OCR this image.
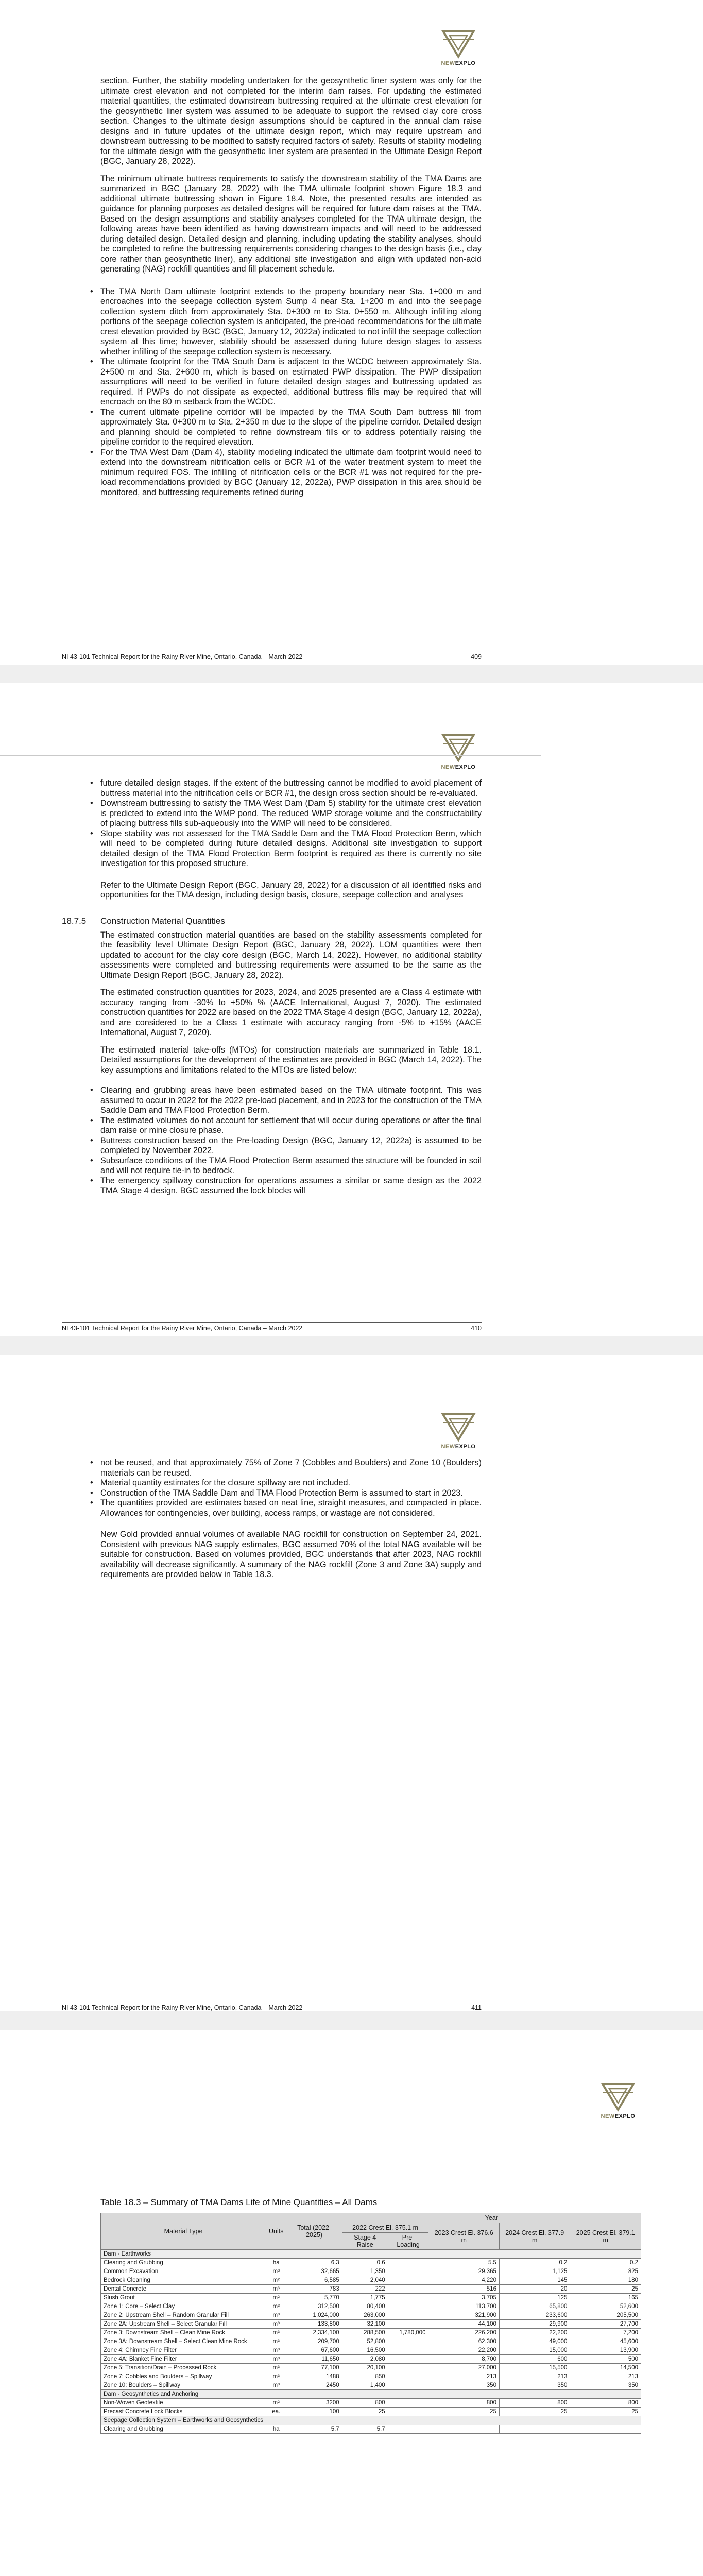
NEWEXPLO

section. Further, the stability modeling undertaken for the geosynthetic liner system was only for the ultimate crest elevation and not completed for the interim dam raises. For updating the estimated material quantities, the estimated downstream buttressing required at the ultimate crest elevation for the geosynthetic liner system was assumed to be adequate to support the revised clay core cross section. Changes to the ultimate design assumptions should be captured in the annual dam raise designs and in future updates of the ultimate design report, which may require upstream and downstream buttressing to be modified to satisfy required factors of safety. Results of stability modeling for the ultimate design with the geosynthetic liner system are presented in the Ultimate Design Report (BGC, January 28, 2022).

The minimum ultimate buttress requirements to satisfy the downstream stability of the TMA Dams are summarized in BGC (January 28, 2022) with the TMA ultimate footprint shown Figure 18.3 and additional ultimate buttressing shown in Figure 18.4. Note, the presented results are intended as guidance for planning purposes as detailed designs will be required for future dam raises at the TMA. Based on the design assumptions and stability analyses completed for the TMA ultimate design, the following areas have been identified as having downstream impacts and will need to be addressed during detailed design. Detailed design and planning, including updating the stability analyses, should be completed to refine the buttressing requirements considering changes to the design basis (i.e., clay core rather than geosynthetic liner), any additional site investigation and align with updated non-acid generating (NAG) rockfill quantities and fill placement schedule.

• The TMA North Dam ultimate footprint extends to the property boundary near Sta. 1+000 m and encroaches into the seepage collection system Sump 4 near Sta. 1+200 m and into the seepage collection system ditch from approximately Sta. 0+300 m to Sta. 0+550 m. Although infilling along portions of the seepage collection system is anticipated, the pre-load recommendations for the ultimate crest elevation provided by BGC (BGC, January 12, 2022a) indicated to not infill the seepage collection system at this time; however, stability should be assessed during future design stages to assess whether infilling of the seepage collection system is necessary.
• The ultimate footprint for the TMA South Dam is adjacent to the WCDC between approximately Sta. 2+500 m and Sta. 2+600 m, which is based on estimated PWP dissipation. The PWP dissipation assumptions will need to be verified in future detailed design stages and buttressing updated as required. If PWPs do not dissipate as expected, additional buttress fills may be required that will encroach on the 80 m setback from the WCDC.
• The current ultimate pipeline corridor will be impacted by the TMA South Dam buttress fill from approximately Sta. 0+300 m to Sta. 2+350 m due to the slope of the pipeline corridor. Detailed design and planning should be completed to refine downstream fills or to address potentially raising the pipeline corridor to the required elevation.
• For the TMA West Dam (Dam 4), stability modeling indicated the ultimate dam footprint would need to extend into the downstream nitrification cells or BCR #1 of the water treatment system to meet the minimum required FOS. The infilling of nitrification cells or the BCR #1 was not required for the pre-load recommendations provided by BGC (January 12, 2022a), PWP dissipation in this area should be monitored, and buttressing requirements refined during
NI 43-101 Technical Report for the Rainy River Mine, Ontario, Canada – March 2022	409
NEWEXPLO
• future detailed design stages. If the extent of the buttressing cannot be modified to avoid placement of buttress material into the nitrification cells or BCR #1, the design cross section should be re-evaluated.
• Downstream buttressing to satisfy the TMA West Dam (Dam 5) stability for the ultimate crest elevation is predicted to extend into the WMP pond. The reduced WMP storage volume and the constructability of placing buttress fills sub-aqueously into the WMP will need to be considered.
• Slope stability was not assessed for the TMA Saddle Dam and the TMA Flood Protection Berm, which will need to be completed during future detailed designs. Additional site investigation to support detailed design of the TMA Flood Protection Berm footprint is required as there is currently no site investigation for this proposed structure.

Refer to the Ultimate Design Report (BGC, January 28, 2022) for a discussion of all identified risks and opportunities for the TMA design, including design basis, closure, seepage collection and analyses

18.7.5 Construction Material Quantities

The estimated construction material quantities are based on the stability assessments completed for the feasibility level Ultimate Design Report (BGC, January 28, 2022). LOM quantities were then updated to account for the clay core design (BGC, March 14, 2022). However, no additional stability assessments were completed and buttressing requirements were assumed to be the same as the Ultimate Design Report (BGC, January 28, 2022).

The estimated construction quantities for 2023, 2024, and 2025 presented are a Class 4 estimate with accuracy ranging from -30% to +50% % (AACE International, August 7, 2020). The estimated construction quantities for 2022 are based on the 2022 TMA Stage 4 design (BGC, January 12, 2022a), and are considered to be a Class 1 estimate with accuracy ranging from -5% to +15% (AACE International, August 7, 2020).

The estimated material take-offs (MTOs) for construction materials are summarized in Table 18.1. Detailed assumptions for the development of the estimates are provided in BGC (March 14, 2022). The key assumptions and limitations related to the MTOs are listed below:

• Clearing and grubbing areas have been estimated based on the TMA ultimate footprint. This was assumed to occur in 2022 for the 2022 pre-load placement, and in 2023 for the construction of the TMA Saddle Dam and TMA Flood Protection Berm.
• The estimated volumes do not account for settlement that will occur during operations or after the final dam raise or mine closure phase.
• Buttress construction based on the Pre-loading Design (BGC, January 12, 2022a) is assumed to be completed by November 2022.
• Subsurface conditions of the TMA Flood Protection Berm assumed the structure will be founded in soil and will not require tie-in to bedrock.
• The emergency spillway construction for operations assumes a similar or same design as the 2022 TMA Stage 4 design. BGC assumed the lock blocks will
NI 43-101 Technical Report for the Rainy River Mine, Ontario, Canada – March 2022	410
NEWEXPLO
• not be reused, and that approximately 75% of Zone 7 (Cobbles and Boulders) and Zone 10 (Boulders) materials can be reused.
• Material quantity estimates for the closure spillway are not included.
• Construction of the TMA Saddle Dam and TMA Flood Protection Berm is assumed to start in 2023.
• The quantities provided are estimates based on neat line, straight measures, and compacted in place. Allowances for contingencies, over building, access ramps, or wastage are not considered.

New Gold provided annual volumes of available NAG rockfill for construction on September 24, 2021. Consistent with previous NAG supply estimates, BGC assumed 70% of the total NAG available will be suitable for construction. Based on volumes provided, BGC understands that after 2023, NAG rockfill availability will decrease significantly. A summary of the NAG rockfill (Zone 3 and Zone 3A) supply and requirements are provided below in Table 18.3.

NI 43-101 Technical Report for the Rainy River Mine, Ontario, Canada – March 2022	411
NEWEXPLO
Table 18.3 – Summary of TMA Dams Life of Mine Quantities – All Dams
Material Type	Units	Total (2022-2025)	Year				
			2022 Crest El. 375.1 m		2023 Crest El. 376.6 m	2024 Crest El. 377.9 m	2025 Crest El. 379.1 m
			Stage 4 Raise	Pre-Loading			
Dam - Earthworks							
Clearing and Grubbing	ha	6.3	0.6		5.5	0.2	0.2
Common Excavation	m³	32,665	1,350		29,365	1,125	825
Bedrock Cleaning	m²	6,585	2,040		4,220	145	180
Dental Concrete	m³	783	222		516	20	25
Slush Grout	m²	5,770	1,775		3,705	125	165
Zone 1: Core – Select Clay	m³	312,500	80,400		113,700	65,800	52,600
Zone 2: Upstream Shell – Random Granular Fill	m³	1,024,000	263,000		321,900	233,600	205,500
Zone 2A: Upstream Shell – Select Granular Fill	m³	133,800	32,100		44,100	29,900	27,700
Zone 3: Downstream Shell – Clean Mine Rock	m³	2,334,100	288,500	1,780,000	226,200	22,200	7,200
Zone 3A: Downstream Shell – Select Clean Mine Rock	m³	209,700	52,800		62,300	49,000	45,600
Zone 4: Chimney Fine Filter	m³	67,600	16,500		22,200	15,000	13,900
Zone 4A: Blanket Fine Filter	m³	11,650	2,080		8,700	600	500
Zone 5: Transition/Drain – Processed Rock	m³	77,100	20,100		27,000	15,500	14,500
Zone 7: Cobbles and Boulders – Spillway	m³	1488	850		213	213	213
Zone 10: Boulders – Spillway	m³	2450	1,400		350	350	350
Dam - Geosynthetics and Anchoring							
Non-Woven Geotextile	m²	3200	800		800	800	800
Precast Concrete Lock Blocks	ea.	100	25		25	25	25
Seepage Collection System – Earthworks and Geosynthetics							
Clearing and Grubbing	ha	5.7	5.7				
